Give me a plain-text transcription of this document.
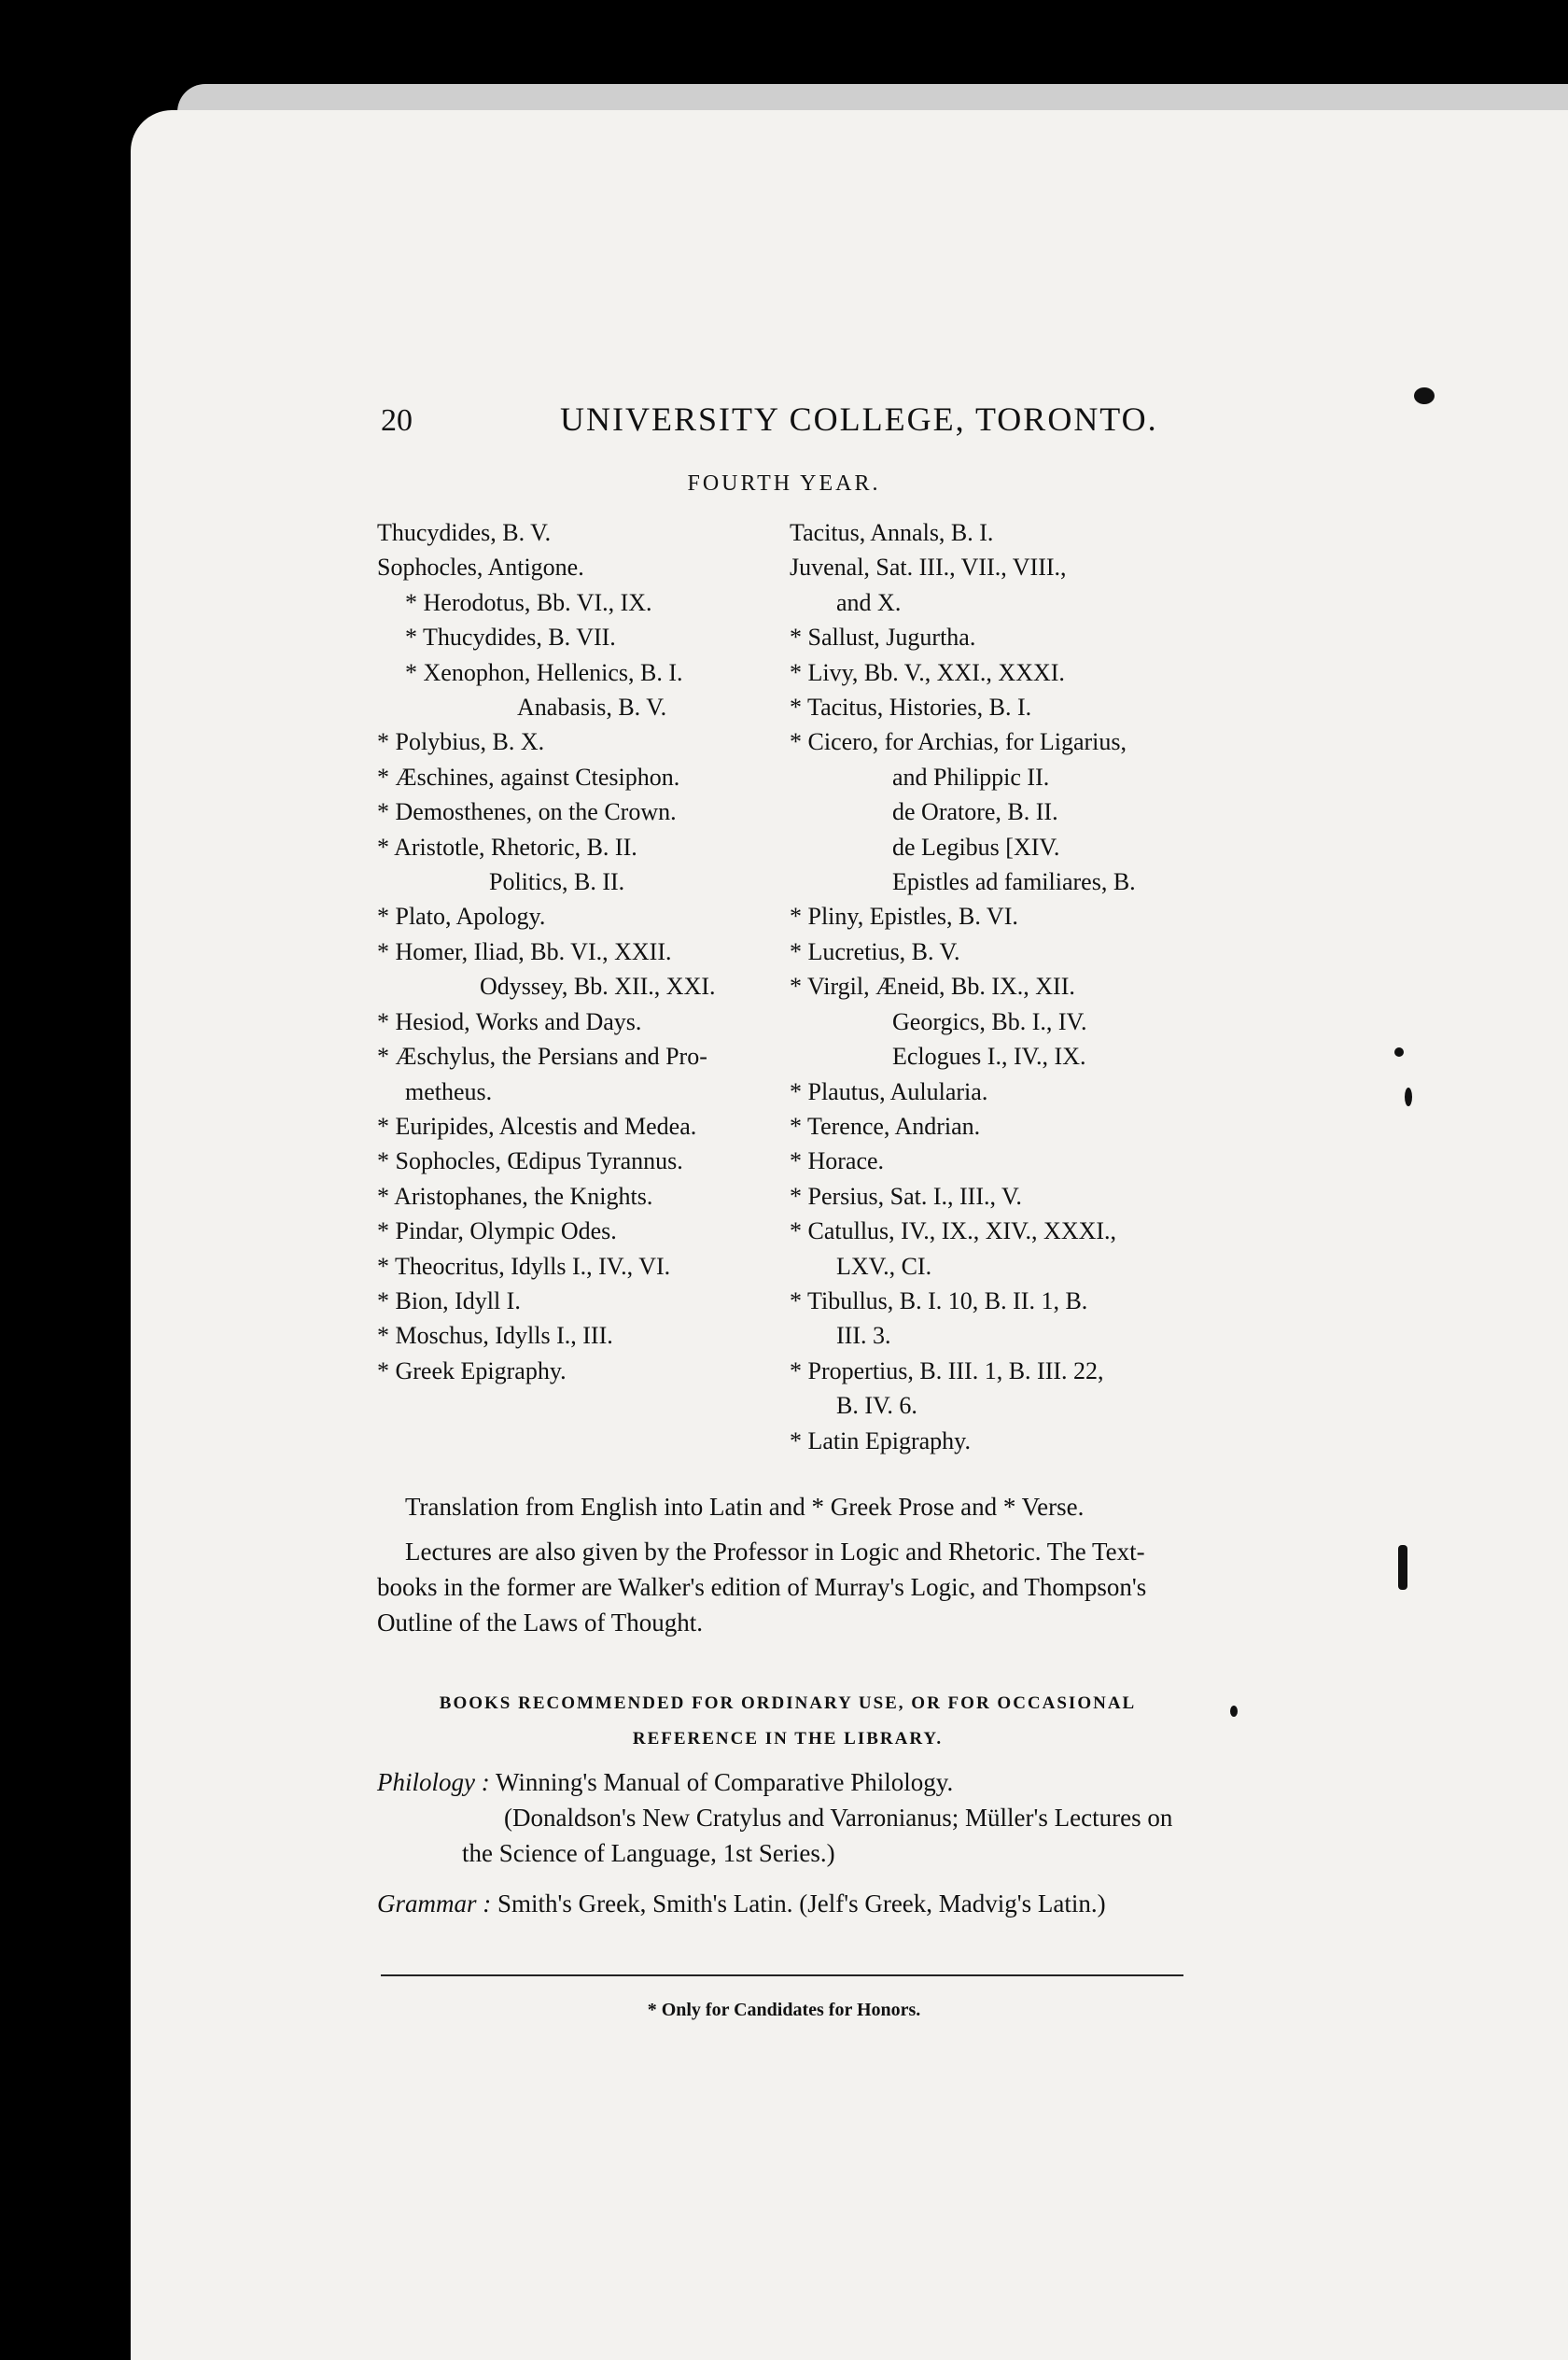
20	UNIVERSITY COLLEGE, TORONTO.
FOURTH YEAR.
Thucydides, B. V.
Sophocles, Antigone.
* Herodotus, Bb. VI., IX.
* Thucydides, B. VII.
* Xenophon, Hellenics, B. I.
Anabasis, B. V.
* Polybius, B. X.
* Æschines, against Ctesiphon.
* Demosthenes, on the Crown.
* Aristotle, Rhetoric, B. II.
Politics, B. II.
* Plato, Apology.
* Homer, Iliad, Bb. VI., XXII.
Odyssey, Bb. XII., XXI.
* Hesiod, Works and Days.
* Æschylus, the Persians and Pro-
metheus.
* Euripides, Alcestis and Medea.
* Sophocles, Œdipus Tyrannus.
* Aristophanes, the Knights.
* Pindar, Olympic Odes.
* Theocritus, Idylls I., IV., VI.
* Bion, Idyll I.
* Moschus, Idylls I., III.
* Greek Epigraphy.
Tacitus, Annals, B. I.
Juvenal, Sat. III., VII., VIII.,
and X.
* Sallust, Jugurtha.
* Livy, Bb. V., XXI., XXXI.
* Tacitus, Histories, B. I.
* Cicero, for Archias, for Ligarius,
and Philippic II.
de Oratore, B. II.
de Legibus [XIV.
Epistles ad familiares, B.
* Pliny, Epistles, B. VI.
* Lucretius, B. V.
* Virgil, Æneid, Bb. IX., XII.
Georgics, Bb. I., IV.
Eclogues I., IV., IX.
* Plautus, Aulularia.
* Terence, Andrian.
* Horace.
* Persius, Sat. I., III., V.
* Catullus, IV., IX., XIV., XXXI.,
LXV., CI.
* Tibullus, B. I. 10, B. II. 1, B.
III. 3.
* Propertius, B. III. 1, B. III. 22,
B. IV. 6.
* Latin Epigraphy.
Translation from English into Latin and * Greek Prose and * Verse.
Lectures are also given by the Professor in Logic and Rhetoric. The Text-books in the former are Walker's edition of Murray's Logic, and Thompson's Outline of the Laws of Thought.
BOOKS RECOMMENDED FOR ORDINARY USE, OR FOR OCCASIONAL REFERENCE IN THE LIBRARY.
Philology : Winning's Manual of Comparative Philology.
(Donaldson's New Cratylus and Varronianus; Müller's Lectures on the Science of Language, 1st Series.)
Grammar : Smith's Greek, Smith's Latin. (Jelf's Greek, Madvig's Latin.)
* Only for Candidates for Honors.
